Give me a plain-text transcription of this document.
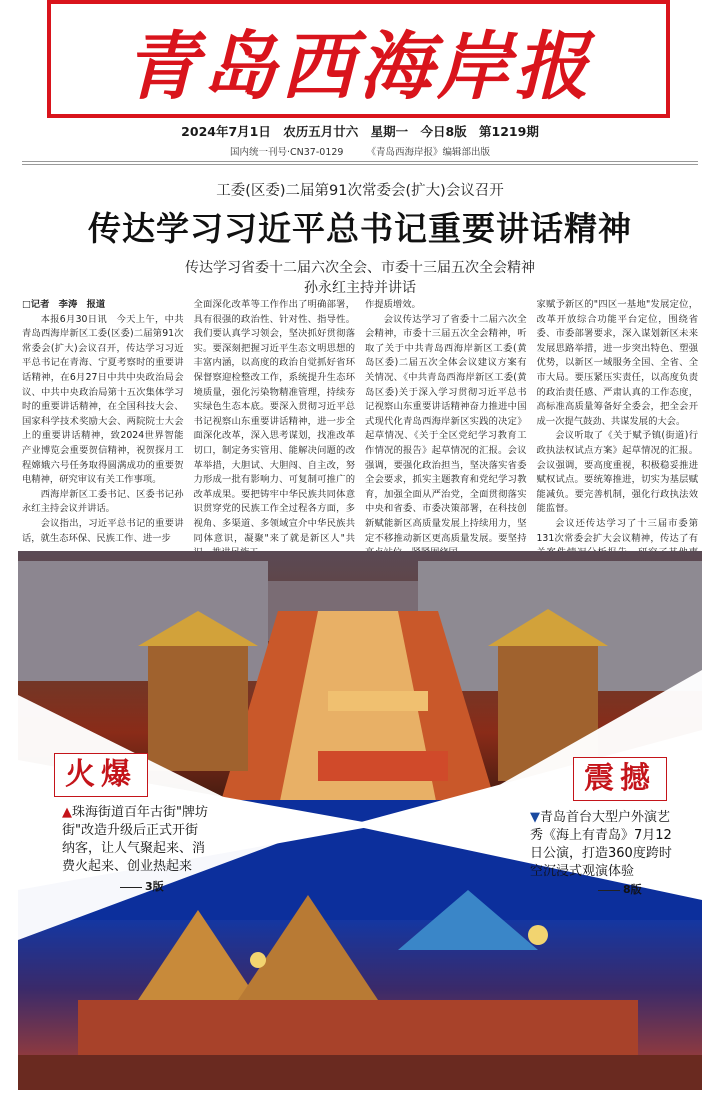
青岛西海岸报
2024年7月1日 农历五月廿六 星期一 今日8版 第1219期
国内统一刊号·CN37-0129 《青岛西海岸报》编辑部出版
工委(区委)二届第91次常委会(扩大)会议召开
传达学习习近平总书记重要讲话精神
传达学习省委十二届六次全会、市委十三届五次全会精神
孙永红主持并讲话

□记者　李涛　报道

本报6月30日讯　今天上午，中共青岛西海岸新区工委(区委)二届第91次常委会(扩大)会议召开，传达学习习近平总书记在青海、宁夏考察时的重要讲话精神，在6月27日中共中央政治局会议、中共中央政治局第十五次集体学习时的重要讲话精神，在全国科技大会、国家科学技术奖励大会、两院院士大会上的重要讲话精神，致2024世界智能产业博览会重要贺信精神，祝贺探月工程嫦娥六号任务取得圆满成功的重要贺电精神，研究审议有关工作事项。

西海岸新区工委书记、区委书记孙永红主持会议并讲话。

会议指出，习近平总书记的重要讲话，就生态环保、民族工作、进一步

全面深化改革等工作作出了明确部署，具有很强的政治性、针对性、指导性。我们要认真学习领会，坚决抓好贯彻落实。要深刻把握习近平生态文明思想的丰富内涵，以高度的政治自觉抓好省环保督察迎检整改工作，系统提升生态环境质量，强化污染物精准管理，持续夯实绿色生态本底。要深入贯彻习近平总书记视察山东重要讲话精神，进一步全面深化改革，深入思考谋划，找准改革切口，制定务实管用、能解决问题的改革举措，大胆试、大胆闯、自主改，努力形成一批有影响力、可复制可推广的改革成果。要把铸牢中华民族共同体意识贯穿党的民族工作全过程各方面，多视角、多渠道、多领域宣介中华民族共同体意识，凝聚"来了就是新区人"共

作提质增效。

会议传达学习了省委十二届六次全会精神，市委十三届五次全会精神，听取了关于中共青岛西海岸新区工委(黄岛区委)二届五次全体会议建议方案有关情况、《中共青岛西海岸新区工委(黄岛区委)关于深入学习贯彻习近平总书记视察山东重要讲话精神奋力推进中国式现代化青岛西海岸新区实践的决定》起草情况、《关于全区党纪学习教育工作情况的报告》起草情况的汇报。会议强调，要强化政治担当，坚决落实省委全会要求，抓实主题教育和党纪学习教育，加强全面从严治党，全面贯彻落实中央和省委、市委决策部署，在科技创新赋能新区高质量发展上持续用力，坚定不移推动新区更高质量发展。要坚持

家赋予新区的"四区一基地"发展定位，改革开放综合功能平台定位，围绕省委、市委部署要求，深入谋划新区未来发展思路举措，进一步突出特色、塑强优势，以新区一域服务全国、全省、全市大局。要压紧压实责任，以高度负责的政治责任感、严肃认真的工作态度，高标准高质量筹备好全委会，把全会开成一次提气鼓劲、共谋发展的大会。

会议听取了《关于赋予镇(街道)行政执法权试点方案》起草情况的汇报。会议强调，要高度重视，积极稳妥推进赋权试点。要统筹推进，切实为基层赋能减负。要完善机制，强化行政执法效能监督。

会议还传达学习了十三届市委第131次常委会扩大会议精神，传达了有

火爆
▲珠海街道百年古街"牌坊街"改造升级后正式开街纳客，让人气聚起来、消费火起来、创业热起来
3版
震撼
▼青岛首台大型户外演艺秀《海上有青岛》7月12日公演，打造360度跨时空沉浸式观演体验
8版
